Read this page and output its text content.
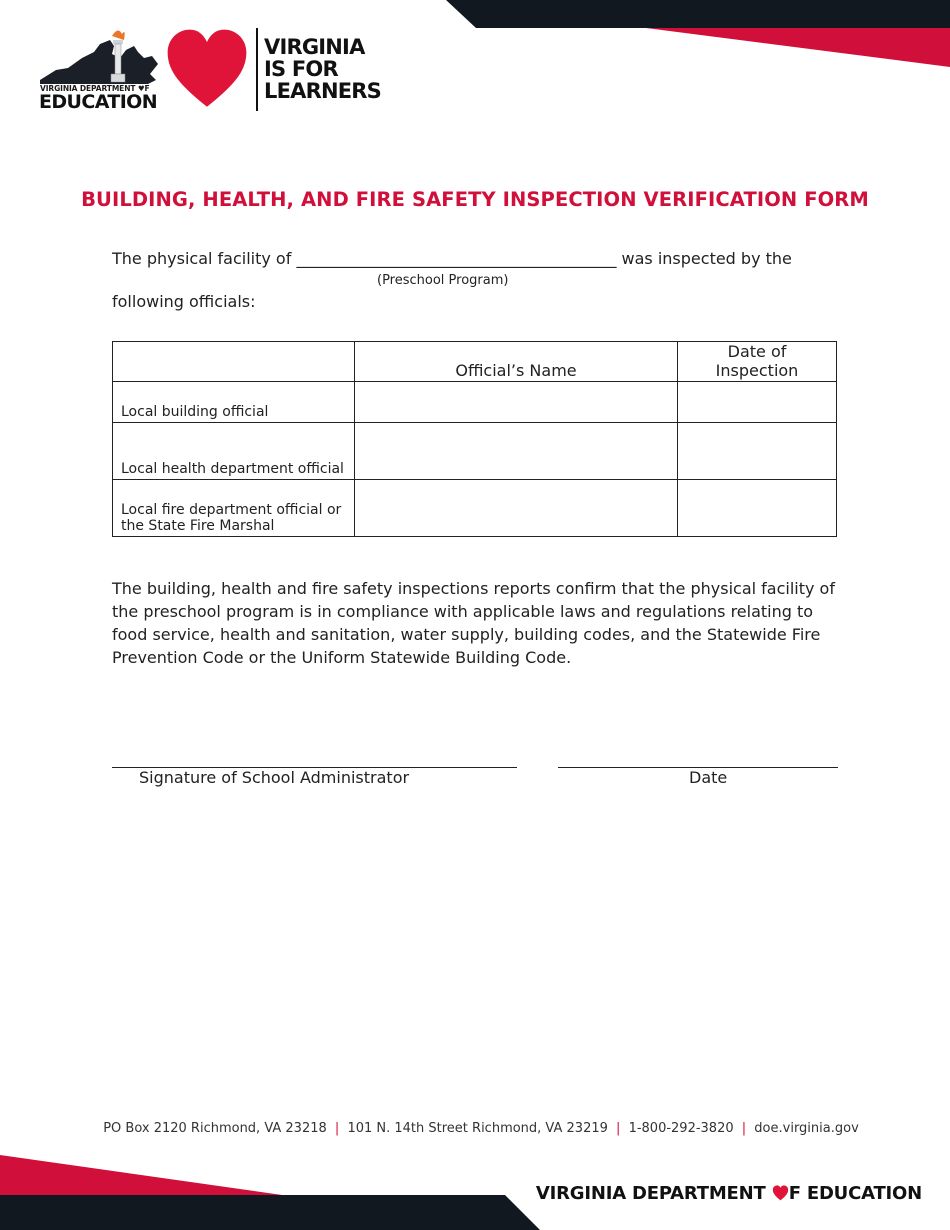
VIRGINIA DEPARTMENT ♥F
EDUCATION
VIRGINIA
IS FOR
LEARNERS
BUILDING, HEALTH, AND FIRE SAFETY INSPECTION VERIFICATION FORM
The physical facility of ________________________________________ was inspected by the
(Preschool Program)
following officials:
	Official’s Name	Date of Inspection
Local building official		
Local health department official		
Local fire department official or the State Fire Marshal		
The building, health and fire safety inspections reports confirm that the physical facility of the preschool program is in compliance with applicable laws and regulations relating to food service, health and sanitation, water supply, building codes, and the Statewide Fire Prevention Code or the Uniform Statewide Building Code.
Signature of School Administrator	Date
PO Box 2120 Richmond, VA 23218 | 101 N. 14th Street Richmond, VA 23219 | 1-800-292-3820 | doe.virginia.gov
VIRGINIA DEPARTMENT F EDUCATION
